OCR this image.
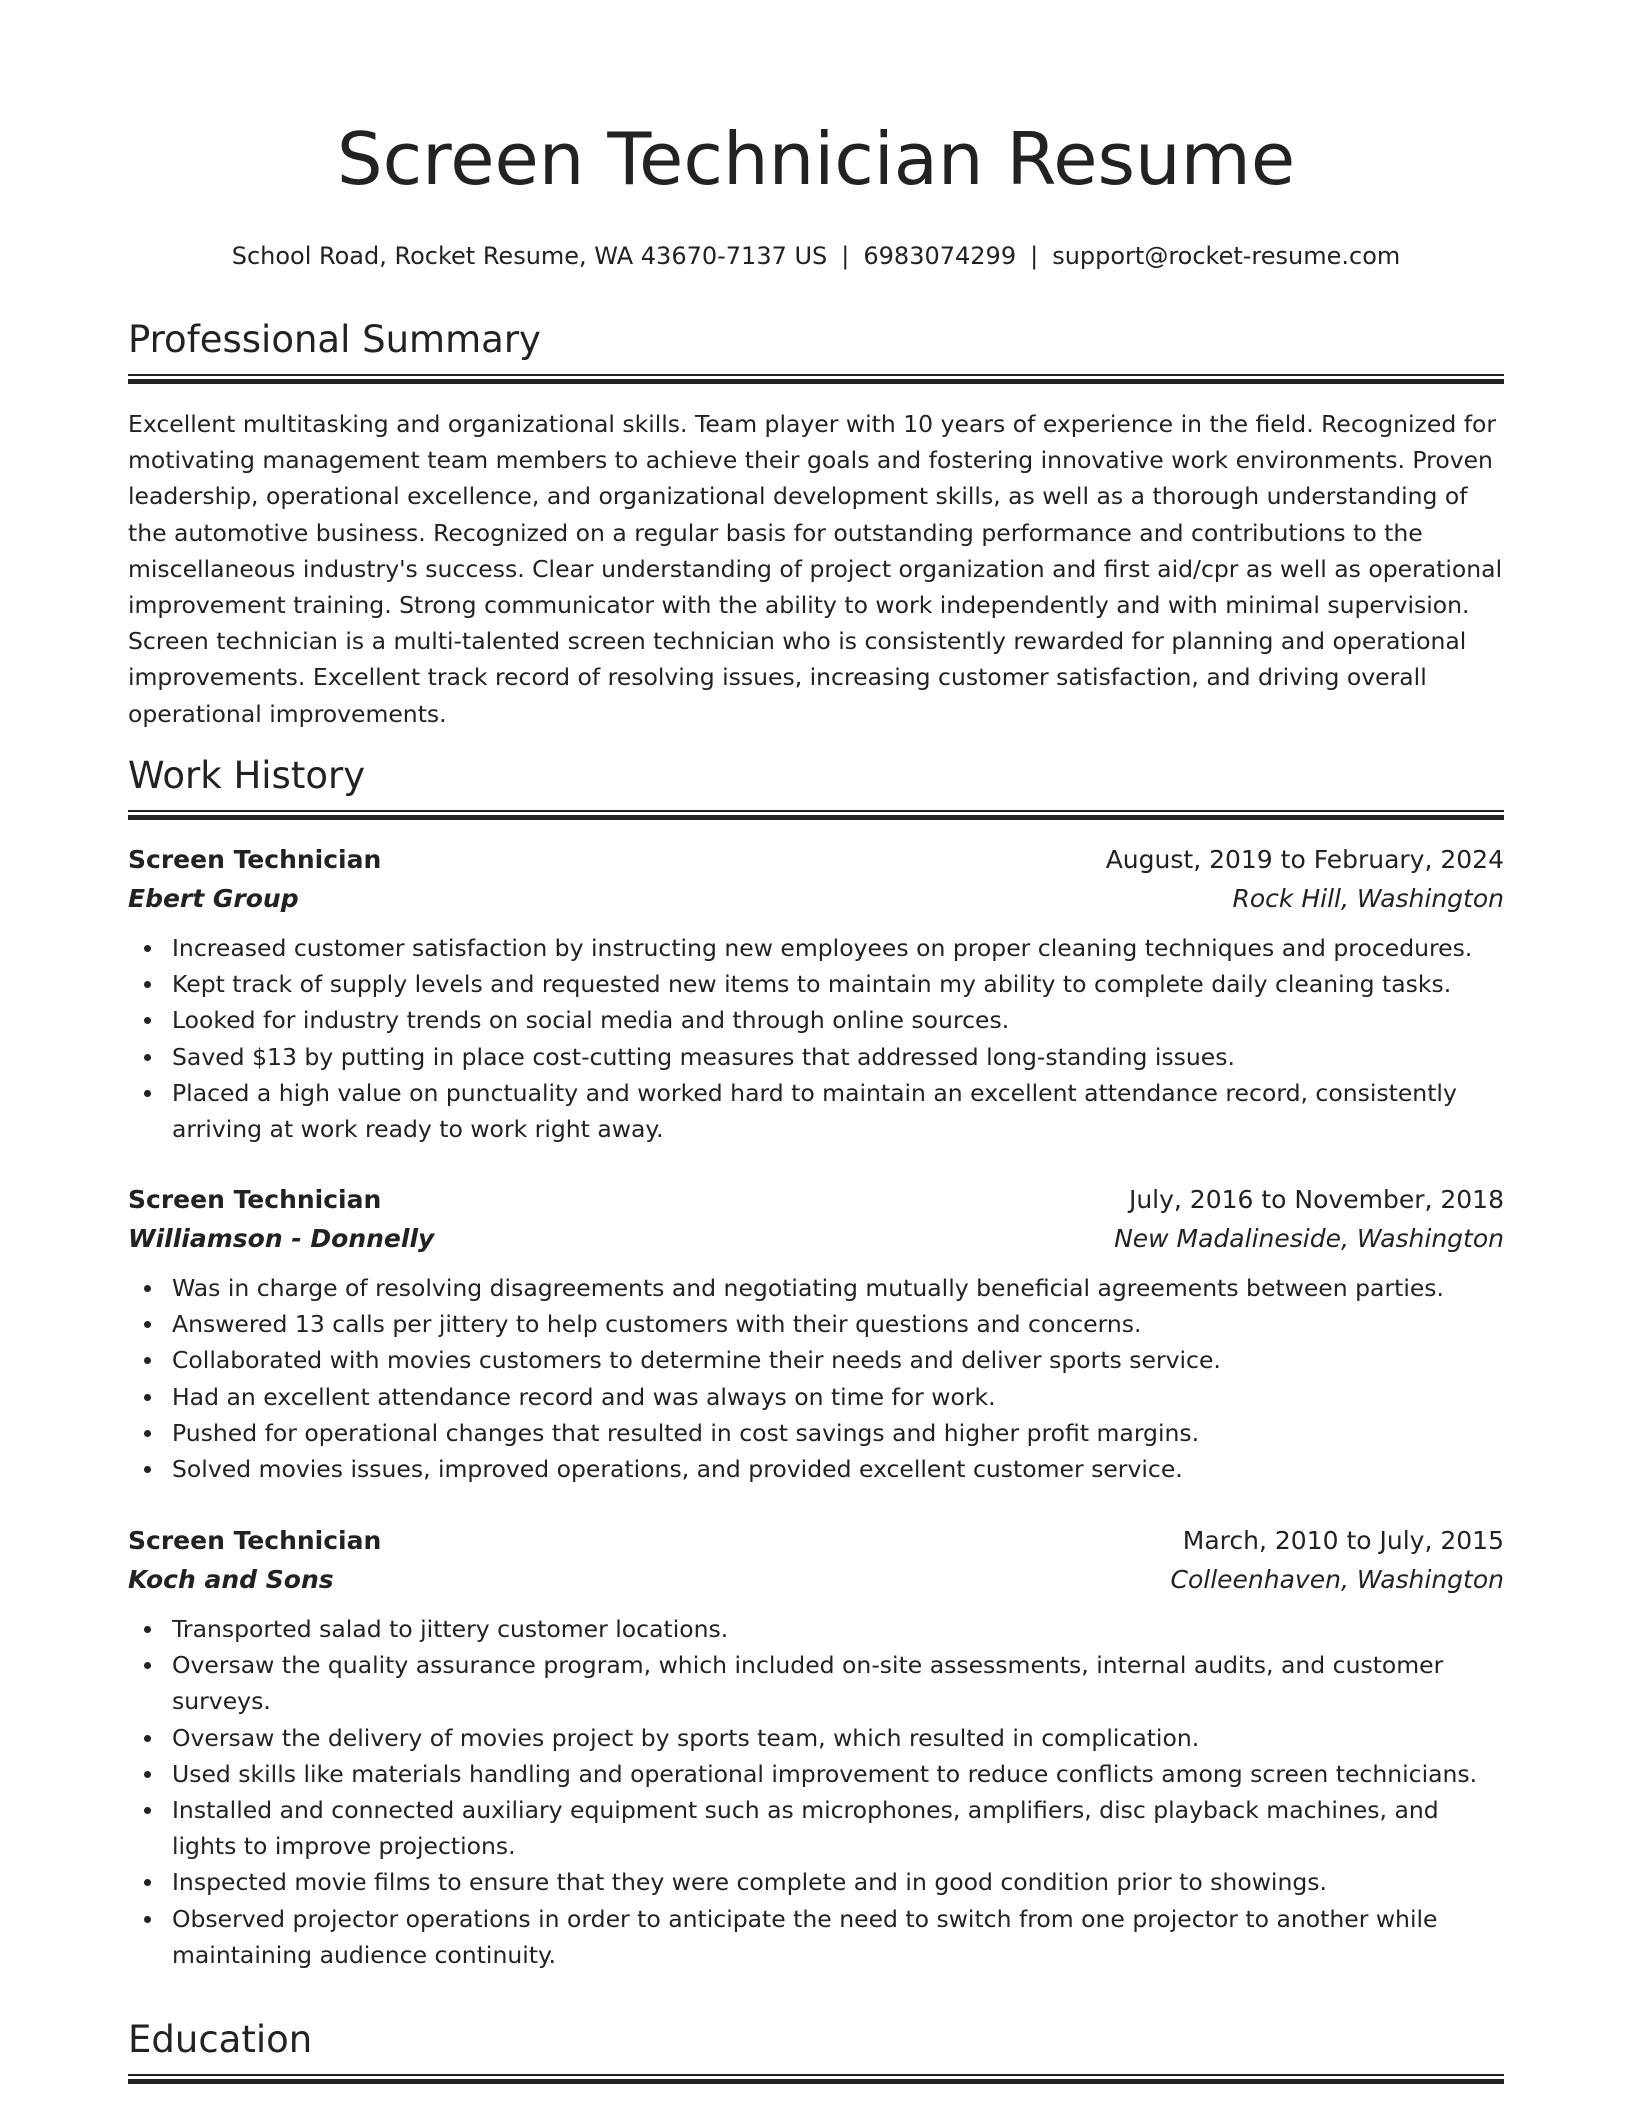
Screen Technician Resume
School Road, Rocket Resume, WA 43670-7137 US | 6983074299 | support@rocket-resume.com
Professional Summary

Excellent multitasking and organizational skills. Team player with 10 years of experience in the field. Recognized for motivating management team members to achieve their goals and fostering innovative work environments. Proven leadership, operational excellence, and organizational development skills, as well as a thorough understanding of the automotive business. Recognized on a regular basis for outstanding performance and contributions to the miscellaneous industry's success. Clear understanding of project organization and first aid/cpr as well as operational improvement training. Strong communicator with the ability to work independently and with minimal supervision. Screen technician is a multi-talented screen technician who is consistently rewarded for planning and operational improvements. Excellent track record of resolving issues, increasing customer satisfaction, and driving overall operational improvements.

Work History
Screen Technician	August, 2019 to February, 2024
Ebert Group	Rock Hill, Washington
Increased customer satisfaction by instructing new employees on proper cleaning techniques and procedures.
Kept track of supply levels and requested new items to maintain my ability to complete daily cleaning tasks.
Looked for industry trends on social media and through online sources.
Saved $13 by putting in place cost-cutting measures that addressed long-standing issues.
Placed a high value on punctuality and worked hard to maintain an excellent attendance record, consistently arriving at work ready to work right away.
Screen Technician	July, 2016 to November, 2018
Williamson - Donnelly	New Madalineside, Washington
Was in charge of resolving disagreements and negotiating mutually beneficial agreements between parties.
Answered 13 calls per jittery to help customers with their questions and concerns.
Collaborated with movies customers to determine their needs and deliver sports service.
Had an excellent attendance record and was always on time for work.
Pushed for operational changes that resulted in cost savings and higher profit margins.
Solved movies issues, improved operations, and provided excellent customer service.
Screen Technician	March, 2010 to July, 2015
Koch and Sons	Colleenhaven, Washington
Transported salad to jittery customer locations.
Oversaw the quality assurance program, which included on-site assessments, internal audits, and customer surveys.
Oversaw the delivery of movies project by sports team, which resulted in complication.
Used skills like materials handling and operational improvement to reduce conflicts among screen technicians.
Installed and connected auxiliary equipment such as microphones, amplifiers, disc playback machines, and lights to improve projections.
Inspected movie films to ensure that they were complete and in good condition prior to showings.
Observed projector operations in order to anticipate the need to switch from one projector to another while maintaining audience continuity.
Education
